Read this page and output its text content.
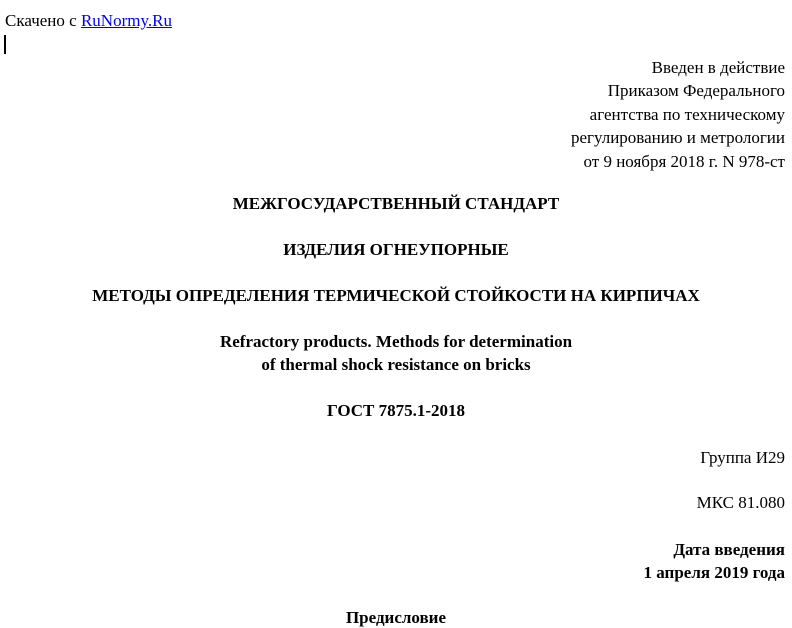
Скачено с RuNormy.Ru
Введен в действие
Приказом Федерального
агентства по техническому
регулированию и метрологии
от 9 ноября 2018 г. N 978-ст
МЕЖГОСУДАРСТВЕННЫЙ СТАНДАРТ
ИЗДЕЛИЯ ОГНЕУПОРНЫЕ
МЕТОДЫ ОПРЕДЕЛЕНИЯ ТЕРМИЧЕСКОЙ СТОЙКОСТИ НА КИРПИЧАХ
Refractory products. Methods for determination
of thermal shock resistance on bricks
ГОСТ 7875.1-2018
Группа И29
МКС 81.080
Дата введения
1 апреля 2019 года
Предисловие
